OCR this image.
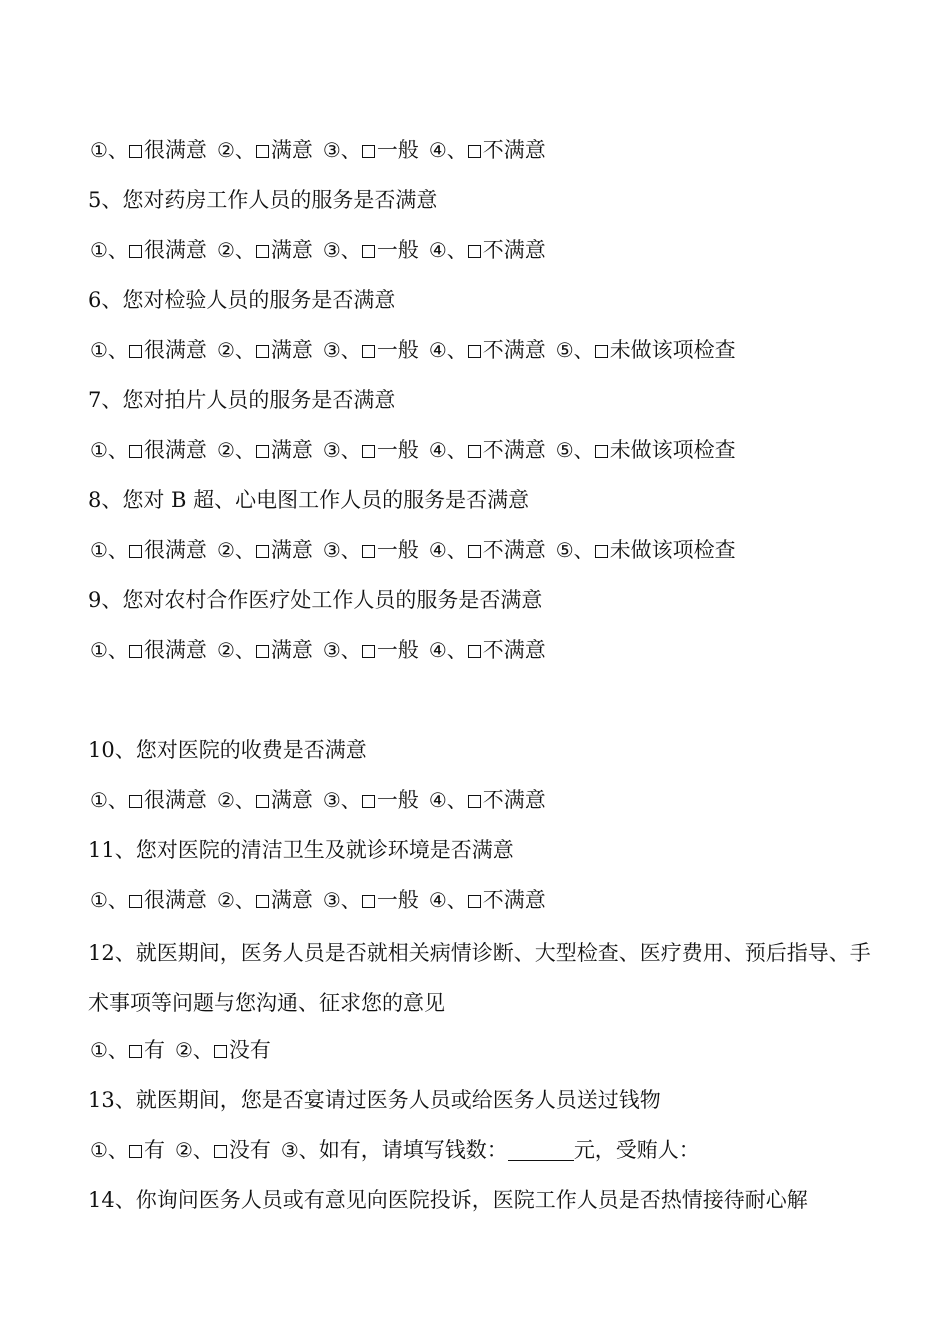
①、 很满意 ②、 满意 ③、 一般 ④、 不满意
5、您对药房工作人员的服务是否满意
①、 很满意 ②、 满意 ③、 一般 ④、 不满意
6、您对检验人员的服务是否满意
①、 很满意 ②、 满意 ③、 一般 ④、 不满意 ⑤、 未做该项检查
7、您对拍片人员的服务是否满意
①、 很满意 ②、 满意 ③、 一般 ④、 不满意 ⑤、 未做该项检查
8、您对 B 超、心电图工作人员的服务是否满意
①、 很满意 ②、 满意 ③、 一般 ④、 不满意 ⑤、 未做该项检查
9、您对农村合作医疗处工作人员的服务是否满意
①、 很满意 ②、 满意 ③、 一般 ④、 不满意
10、您对医院的收费是否满意
①、 很满意 ②、 满意 ③、 一般 ④、 不满意
11、您对医院的清洁卫生及就诊环境是否满意
①、 很满意 ②、 满意 ③、 一般 ④、 不满意
12、就医期间，医务人员是否就相关病情诊断、大型检查、医疗费用、预后指导、手术事项等问题与您沟通、征求您的意见
①、 有 ②、 没有
13、就医期间，您是否宴请过医务人员或给医务人员送过钱物
①、 有 ②、 没有 ③、如有，请填写钱数：	元，受贿人：
14、你询问医务人员或有意见向医院投诉，医院工作人员是否热情接待耐心解
